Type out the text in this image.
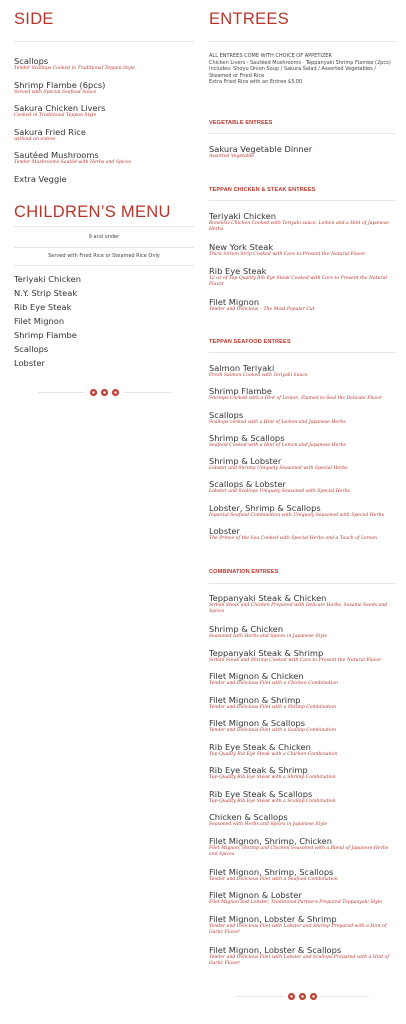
SIDE
Scallops
Tender Scallops Cooked in Traditional Teppan Style
Shrimp Flambe (6pcs)
Served with Special Seafood Sauce
Sakura Chicken Livers
Cooked in Traditional Teppan Style
Sakura Fried Rice
without an entree
Sautéed Mushrooms
Tender Mushrooms Sautéd with Herbs and Spices
Extra Veggie
CHILDREN’S MENU
9 and under
Served with Fried Rice or Steamed Rice Only
Teriyaki Chicken
N.Y. Strip Steak
Rib Eye Steak
Filet Mignon
Shrimp Flambe
Scallops
Lobster
ENTREES
ALL ENTREES COME WITH CHOICE OF APPETIZER
Chicken Livers · Sautéed Mushrooms · Teppanyaki Shrimp Flambe (2pcs)
Includes: Shoyu Onion Soup / Sakura Salad / Assorted Vegetables / Steamed or Fried Rice
Extra Fried Rice with an Entree $3.00
VEGETABLE ENTREES
Sakura Vegetable Dinner
Assorted Vegetable
TEPPAN CHICKEN & STEAK ENTREES
Teriyaki Chicken
Boneless Chicken Cooked with Teriyaki sauce, Lemon and a Hint of Japanese Herbs
New York Steak
Thick Sirloin Strip Cooked with Care to Present the Natural Flavor
Rib Eye Steak
12 oz of Top-Quality Rib Eye Steak Cooked with Care to Present the Natural Flavor
Filet Mignon
Tender and Delicious – The Most Popular Cut
TEPPAN SEAFOOD ENTREES
Salmon Teriyaki
Fresh Salmon Cooked with Teriyaki Sauce
Shrimp Flambe
Shrimps Cooked with a Hint of Lemon, Flamed to Seal the Delicate Flavor
Scallops
Scallops cooked with a Hint of Lemon and Japanese Herbs
Shrimp & Scallops
Seafood Cooked with a Hint of Lemon and Japanese Herbs
Shrimp & Lobster
Lobster and Shrimp Uniquely Seasoned with Special Herbs
Scallops & Lobster
Lobster and Scallops Uniquely Seasoned with Special Herbs
Lobster, Shrimp & Scallops
Imperial Seafood Combination with Uniquely Seasoned with Special Herbs
Lobster
The Prince of the Sea Cooked with Special Herbs and a Touch of Lemon
COMBINATION ENTREES
Teppanyaki Steak & Chicken
Sirloin Steak and Chicken Prepared with Delicate Herbs, Sesame Seeds and Spices
Shrimp & Chicken
Seasoned with Herbs and Spices in Japanese Style
Teppanyaki Steak & Shrimp
Sirloin Steak and Shrimp Cooked with Care to Present the Natural Flavor
Filet Mignon & Chicken
Tender and Delicious Filet with a Chicken Combination
Filet Mignon & Shrimp
Tender and Delicious Filet with a Shrimp Combination
Filet Mignon & Scallops
Tender and Delicious Filet with a Scallop Combination
Rib Eye Steak & Chicken
Top-Quality Rib Eye Steak with a Chicken Combination
Rib Eye Steak & Shrimp
Top-Quality Rib Eye Steak with a Shrimp Combination
Rib Eye Steak & Scallops
Top-Quality Rib Eye Steak with a Scallop Combination
Chicken & Scallops
Seasoned with Herbs and Spices in Japanese Style
Filet Mignon, Shrimp, Chicken
Filet Mignon, Shrimp and Chicken Seasoned with a Blend of Japanese Herbs and Spices
Filet Mignon, Shrimp, Scallops
Tender and Delicious Filet with a Seafood Combination
Filet Mignon & Lobster
Filet Mignon and Lobster, Traditional Partners Prepared Teppanyaki Style
Filet Mignon, Lobster & Shrimp
Tender and Delicious Filet with Lobster and Shrimp Prepared with a Hint of Garlic Flavor
Filet Mignon, Lobster & Scallops
Tender and Delicious Filet with Lobster and Scallops Prepared with a Hint of Garlic Flavor
